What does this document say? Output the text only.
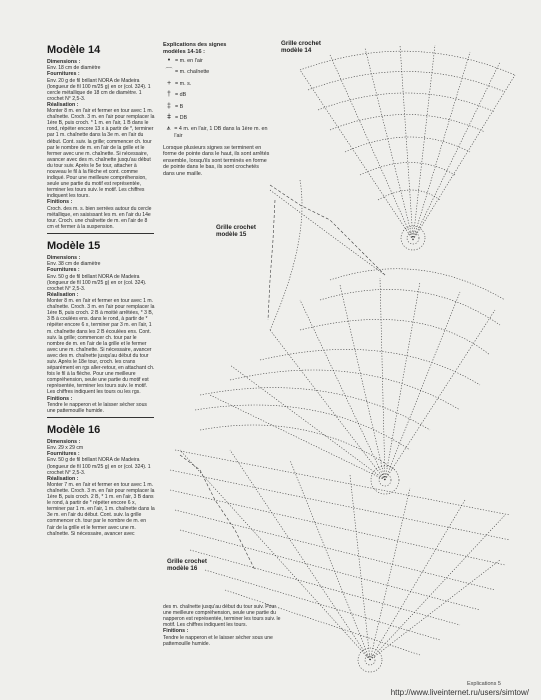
Modèle 14
Dimensions :

Env. 18 cm de diamètre

Fournitures :

Env. 20 g de fil brillant NORA de Madeira (longueur de fil 100 m/25 g) en or (col. 324). 1 cercle métallique de 18 cm de diamètre. 1 crochet N° 2,5-3.

Réalisation :

Monter 8 m. en l'air et fermer en tour avec 1 m. chaînette. Croch. 3 m. en l'air pour remplacer la 1ère B, puis croch. * 1 m. en l'air, 1 B dans le rond, répéter encore 13 x à partir de *, terminer par 1 m. chaînette dans la 3e m. en l'air du début. Cont. suiv. la grille; commencer ch. tour par le nombre de m. en l'air de la grille et le fermer avec une m. chaînette. Si nécessaire, avancer avec des m. chaînette jusqu'au début du tour suiv. Après le 5e tour, attacher à nouveau le fil à la flèche et cont. comme indiqué. Pour une meilleure compréhension, seule une partie du motif est représentée, terminer les tours suiv. le motif. Les chiffres indiquent les tours.

Finitions :

Croch. des m. s. bien serrées autour du cercle métallique, en saisissant les m. en l'air du 14e tour. Croch. une chaînette de m. en l'air de 8 cm et fermer à la suspension.

Modèle 15
Dimensions :

Env. 38 cm de diamètre

Fournitures :

Env. 50 g de fil brillant NORA de Madeira (longueur de fil 100 m/25 g) en or (col. 324). crochet N° 2,5-3.

Réalisation :

Monter 8 m. en l'air et fermer en tour avec 1 m. chaînette. Croch. 3 m. en l'air pour remplacer la 1ère B, puis croch. 2 B à moitié arrêtées, * 3 B, 3 B à coulées ens. dans le rond, à partir de * répéter encore 6 x, terminer par 3 m. en l'air, 1 m. chaînette dans les 2 B écoulées ens. Cont. suiv. la grille; commencer ch. tour par le nombre de m. en l'air de la grille et le fermer avec une m. chaînette. Si nécessaire, avancer avec des m. chaînette jusqu'au début du tour suiv. Après le 18e tour, croch. les crans séparément en rgs aller-retour, en attachant ch. fois le fil à la flèche. Pour une meilleure compréhension, seule une partie du motif est représentée, terminer les tours suiv. le motif. Les chiffres indiquent les tours ou les rgs.

Finitions :

Tendre le napperon et le laisser sécher sous une pattemouille humide.

Modèle 16
Dimensions :

Env. 29 x 29 cm

Fournitures :

Env. 50 g de fil brillant NORA de Madeira (longueur de fil 100 m/25 g) en or (col. 324). 1 crochet N° 2,5-3.

Réalisation :

Monter 7 m. en l'air et fermer en tour avec 1 m. chaînette. Croch. 3 m. en l'air pour remplacer la 1ère B, puis croch. 2 B, * 1 m. en l'air, 3 B dans le rond, à partir de * répéter encore 6 x, terminer par 1 m. en l'air, 1 m. chaînette dans la 3e m. en l'air du début. Cont. suiv. la grille commencer ch. tour par le nombre de m. en l'air de la grille et le fermer avec une m. chaînette. Si nécessaire, avancer avec

Explications des signes
modèles 14-16 :
• = m. en l'air
⌒ = m. chaînette
+ = m. s.
† = dB
‡ = B
ǂ = DB
⩚ = 4 m. en l'air, 1 DB dans la 1ère m. en l'air

Lorsque plusieurs signes se terminent en forme de pointe dans le haut, ils sont arrêtés ensemble, lorsqu'ils sont terminés en forme de pointe dans le bas, ils sont crochetés dans une maille.

Grille crochet modèle 14
Grille crochet modèle 15
Grille crochet modèle 16

des m. chaînette jusqu'au début du tour suiv. Pour une meilleure compréhension, seule une partie du napperon est représentée, terminer les tours suiv. le motif. Les chiffres indiquent les tours.

Finitions :

Tendre le napperon et le laisser sécher sous une pattemouille humide.

Explications 5
http://www.liveinternet.ru/users/simtow/
